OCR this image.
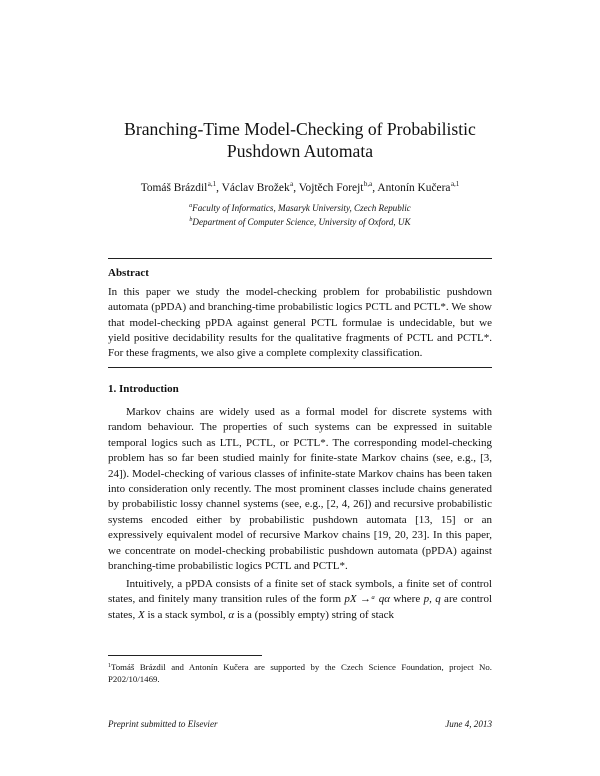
Branching-Time Model-Checking of Probabilistic
Pushdown Automata
Tomáš Brázdil$^{a,1}$, Václav Brožek$^a$, Vojtěch Forejt$^{b,a}$, Antonín Kučera$^{a,1}$
$^a$Faculty of Informatics, Masaryk University, Czech Republic
$^b$Department of Computer Science, University of Oxford, UK
Abstract
In this paper we study the model-checking problem for probabilistic pushdown automata (pPDA) and branching-time probabilistic logics PCTL and PCTL*. We show that model-checking pPDA against general PCTL formulae is undecidable, but we yield positive decidability results for the qualitative fragments of PCTL and PCTL*. For these fragments, we also give a complete complexity classification.
1. Introduction

Markov chains are widely used as a formal model for discrete systems with random behaviour. The properties of such systems can be expressed in suitable temporal logics such as LTL, PCTL, or PCTL*. The corresponding model-checking problem has so far been studied mainly for finite-state Markov chains (see, e.g., [3, 24]). Model-checking of various classes of infinite-state Markov chains has been taken into consideration only recently. The most prominent classes include chains generated by probabilistic lossy channel systems (see, e.g., [2, 4, 26]) and recursive probabilistic systems encoded either by probabilistic pushdown automata [13, 15] or an expressively equivalent model of recursive Markov chains [19, 20, 23]. In this paper, we concentrate on model-checking probabilistic pushdown automata (pPDA) against branching-time probabilistic logics PCTL and PCTL*.

Intuitively, a pPDA consists of a finite set of stack symbols, a finite set of control states, and finitely many transition rules of the form pX →ᵃ qα where p, q are control states, X is a stack symbol, α is a (possibly empty) string of stack

$^1$Tomáš Brázdil and Antonín Kučera are supported by the Czech Science Foundation, project No. P202/10/1469.
Preprint submitted to Elsevier	June 4, 2013
